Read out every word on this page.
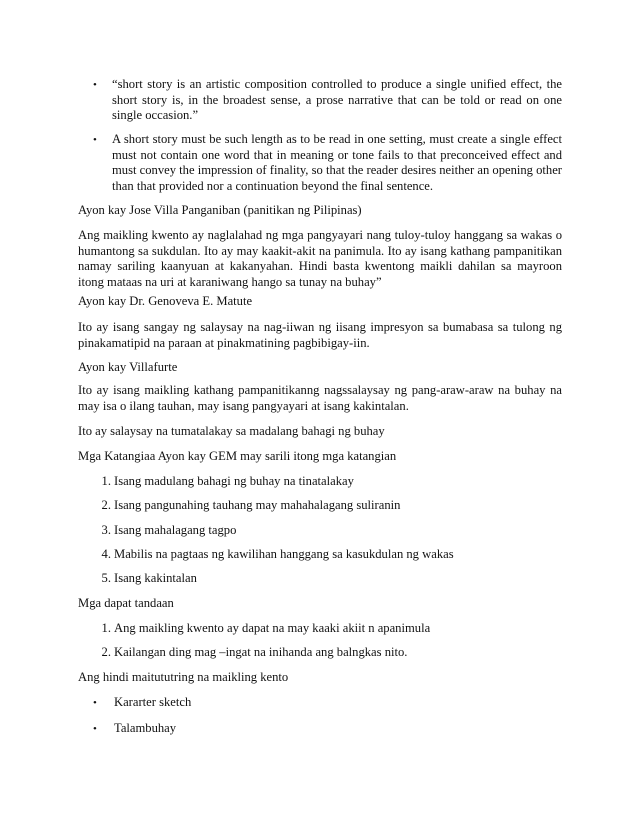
•	“short story is an artistic composition controlled to produce a single unified effect, the short story is, in the broadest sense, a prose narrative that can be told or read on one single occasion.”

•	A short story must be such length as to be read in one setting, must create a single effect must not contain one word that in meaning or tone fails to that preconceived effect and must convey the impression of finality, so that the reader desires neither an opening other than that provided nor a continuation beyond the final sentence.

Ayon kay Jose Villa Panganiban (panitikan ng Pilipinas)

Ang maikling kwento ay naglalahad ng mga pangyayari nang tuloy-tuloy hanggang sa wakas o humantong sa sukdulan. Ito ay may kaakit-akit na panimula. Ito ay isang kathang pampanitikan namay sariling kaanyuan at kakanyahan. Hindi basta kwentong maikli dahilan sa mayroon itong mataas na uri at karaniwang hango sa tunay na buhay”

Ayon kay Dr. Genoveva E. Matute

Ito ay isang sangay ng salaysay na nag-iiwan ng iisang impresyon sa bumabasa sa tulong ng pinakamatipid na paraan at pinakmatining pagbibigay-iin.

Ayon kay Villafurte

Ito ay isang maikling kathang pampanitikanng nagssalaysay ng pang-araw-araw na buhay na may isa o ilang tauhan, may isang pangyayari at isang kakintalan.

Ito ay salaysay na tumatalakay sa madalang bahagi ng buhay

Mga Katangiaa Ayon kay GEM may sarili itong mga katangian

1. Isang madulang bahagi ng buhay na tinatalakay

2. Isang pangunahing tauhang may mahahalagang suliranin

3. Isang mahalagang tagpo

4. Mabilis na pagtaas ng kawilihan hanggang sa kasukdulan ng wakas

5. Isang kakintalan

Mga dapat tandaan

1. Ang maikling kwento ay dapat na may kaaki akiit n apanimula

2. Kailangan ding mag –ingat na inihanda ang balngkas nito.

Ang hindi maitututring na maikling kento

• Kararter sketch
• Talambuhay
